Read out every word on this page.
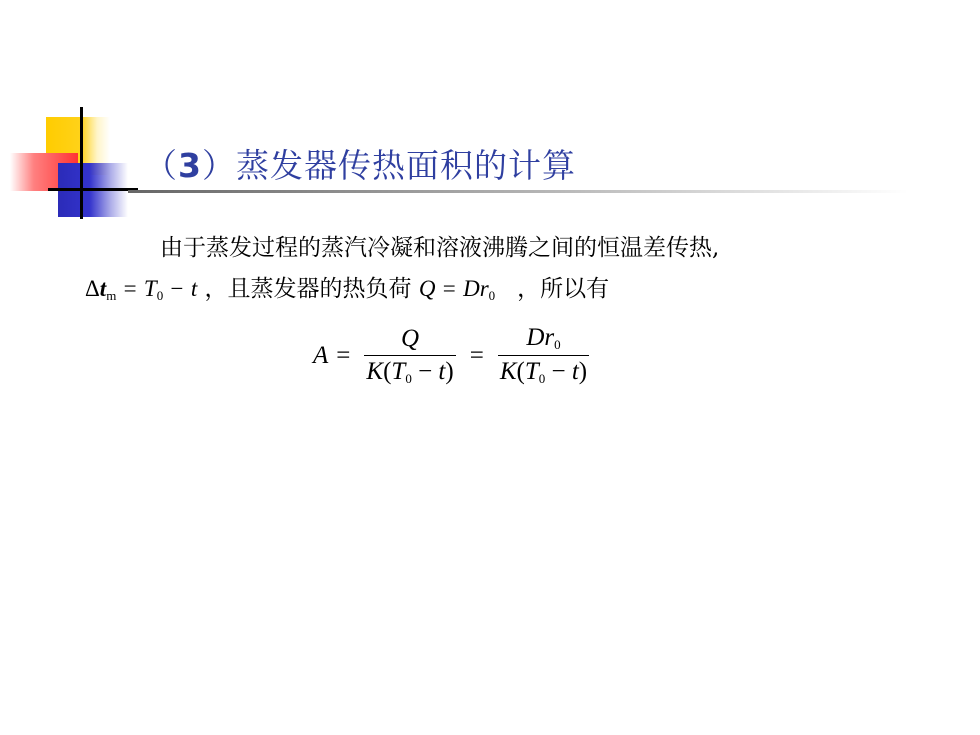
（3）蒸发器传热面积的计算
由于蒸发过程的蒸汽冷凝和溶液沸腾之间的恒温差传热,
$\Delta t_m = T_0 - t$ ，且蒸发器的热负荷 $Q = Dr_0$ ，所以有
$A = \frac{Q}{K(T_0 - t)} = \frac{Dr_0}{K(T_0 - t)}$
